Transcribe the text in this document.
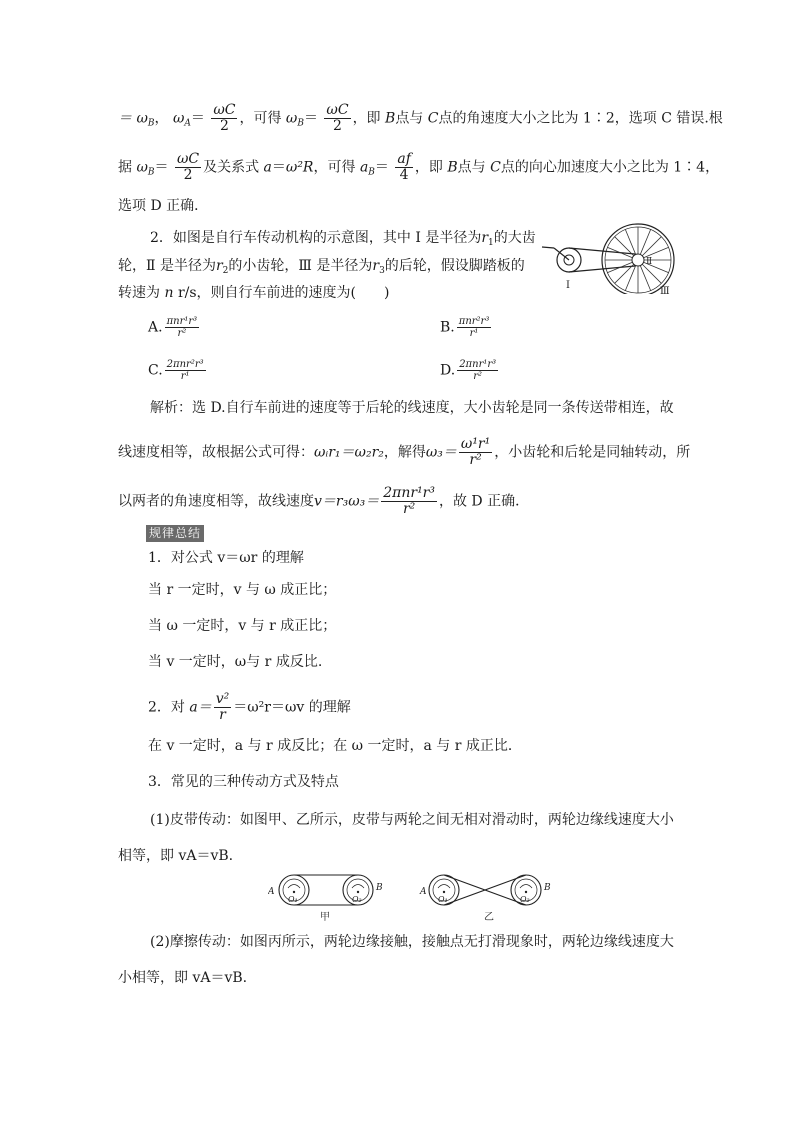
＝ $\omega_B$， $\omega_A= \frac{\omega C}{2}$ ，可得 $\omega_B= \frac{\omega C}{2}$ ，即 B点与 C点的角速度大小之比为 1∶2，选项 C 错误.根
据 $\omega_B= \frac{\omega C}{2}$ 及关系式 a＝ω²R，可得 $a_B= \frac{af}{4}$ ，即 B点与 C点的向心加速度大小之比为 1∶4，
选项 D 正确．
2．如图是自行车传动机构的示意图，其中 Ⅰ 是半径为$r_1$的大齿
轮，Ⅱ 是半径为$r_2$的小齿轮，Ⅲ 是半径为$r_3$的后轮，假设脚踏板的
转速为 n r/s，则自行车前进的速度为(　　)	Ⅰ
Ⅱ
Ⅲ
A. $\frac{\text{πnr¹r³}}{\text{r²}}$	B. $\frac{\text{πnr²r³}}{\text{r¹}}$
C. $\frac{\text{2πnr²r³}}{\text{r¹}}$	D. $\frac{\text{2πnr¹r³}}{\text{r²}}$
解析：选 D.自行车前进的速度等于后轮的线速度，大小齿轮是同一条传送带相连，故
线速度相等，故根据公式可得：ωᵢr₁＝ω₂r₂，解得$\omega_3= \frac{\text{ω¹r¹}}{\text{r²}}$ ，小齿轮和后轮是同轴转动，所
以两者的角速度相等，故线速度$v=r_3\omega_3= \frac{\text{2πnr¹r³}}{\text{r²}}$ ，故 D 正确．
规律总结
1．对公式 v＝ωr 的理解
当 r 一定时，v 与 ω 成正比；
当 ω 一定时，v 与 r 成正比；
当 v 一定时，ω与 r 成反比.
2．对 $a= \frac{\text{v²}}{r} =\omega^2r=\omega v$ 的理解
在 v 一定时，a 与 r 成反比；在 ω 一定时，a 与 r 成正比．
3．常见的三种传动方式及特点
(1)皮带传动：如图甲、乙所示，皮带与两轮之间无相对滑动时，两轮边缘线速度大小
相等，即 vA＝vB.
A	B
O₁	O₂
甲
A	B
O₁	O₂
乙
(2)摩擦传动：如图丙所示，两轮边缘接触，接触点无打滑现象时，两轮边缘线速度大
小相等，即 vA＝vB.
